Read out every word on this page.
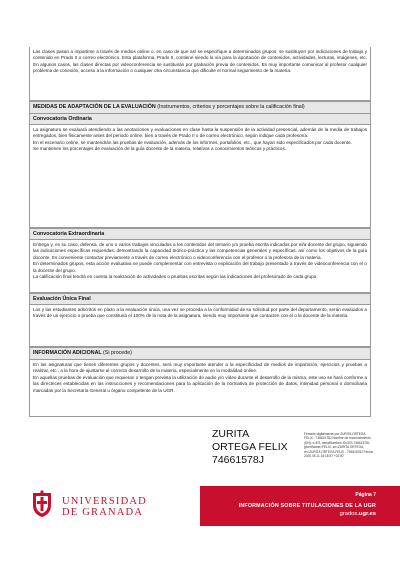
Las clases pasan a impartirse a través de medios online o, en caso de que así se especifique a determinados grupos, se sustituyen por indicaciones de trabajo y contenido en Prado II o correo electrónico. Esta plataforma, Prado II, contiene siendo la vía para la aportación de contenidos, actividades, lecturas, imágenes, etc. En algunos casos, las clases directas por videoconferencia se sustituirán por grabación previa de contenidos. Es muy importante comunicar al profesor cualquier problema de conexión, acceso a la información o cualquier otra circunstancia que dificulte el normal seguimiento de la materia.
MEDIDAS DE ADAPTACIÓN DE LA EVALUACIÓN (Instrumentos, criterios y porcentajes sobre la calificación final)
Convocatoria Ordinaria

La asignatura se evaluará atendiendo a las anotaciones y evaluaciones en clase hasta la suspensión de la actividad presencial, además de la media de trabajos entregados, bien físicamente antes del periodo online, bien a través de Prado II o de correo electrónico, según indique cada profesor/a.

En el escenario online, se mantendrán las pruebas de evaluación, además de los informes, portafolios, etc., que hayan sido especificados por cada docente.

Se mantienen los porcentajes de evaluación de la guía docente de la materia, relativos a conocimientos teóricos y prácticos.

Convocatoria Extraordinaria

Entrega y, en su caso, defensa, de uno o varios trabajos vinculados a los contenidos del temario y/o prueba escrita indicados por el/a docente del grupo, siguiendo las indicaciones específicas requeridas, demostrando la capacidad teórico-práctica y las competencias generales y específicas, así como los objetivos de la guía docente. Es conveniente contactar previamente a través de correo electrónico o videoconferencia con el profesor o la profesora de la materia.

En determinados grupos, esta acción evaluativa se puede complementar con entrevista o explicación del trabajo presentado a través de videoconferencia con el o la docente del grupo.

La calificación final tendrá en cuenta la realización de actividades o pruebas escritas según las indicaciones del profesorado de cada grupo.

Evaluación Única Final

Los y las estudiantes adscritos en plazo a la evaluación única, una vez se proceda a la conformidad de su solicitud por parte del departamento, serán evaluados a través de un ejercicio o prueba que constituirá el 100% de la nota de la asignatura, siendo muy importante que contacten con el o la docente de la materia.

INFORMACIÓN ADICIONAL (Si procede)

En las asignaturas que tienen diferentes grupos y docentes, será muy importante atender a la especificidad de medios de impartición, ejercicios y pruebas a realizar, etc., a la hora de ajustarse al correcto desarrollo de la materia, especialmente en la modalidad online.

En aquellas pruebas de evaluación que requieran o tengan prevista la utilización de audio y/o vídeo durante el desarrollo de la misma, este uso se hará conforme a las directrices establecidas en las instrucciones y recomendaciones para la aplicación de la normativa de protección de datos, intimidad personal o domiciliaria marcadas por la Secretaría General u órgano competente de la UGR.

ZURITA
ORTEGA FELIX
74661578J
Firmado digitalmente por ZURITA ORTEGA FELIX - 74661578J Nombre de reconocimiento (DN): c=ES, serialNumber=IDCES-74661578J, givenName=FELIX, sn=ZURITA ORTEGA, cn=ZURITA ORTEGA FELIX - 74661578J Fecha: 2020.05.11 16:18:57 +02'00'
UNIVERSIDAD
DE GRANADA
Página 7
INFORMACIÓN SOBRE TITULACIONES DE LA UGR
grados.ugr.es
